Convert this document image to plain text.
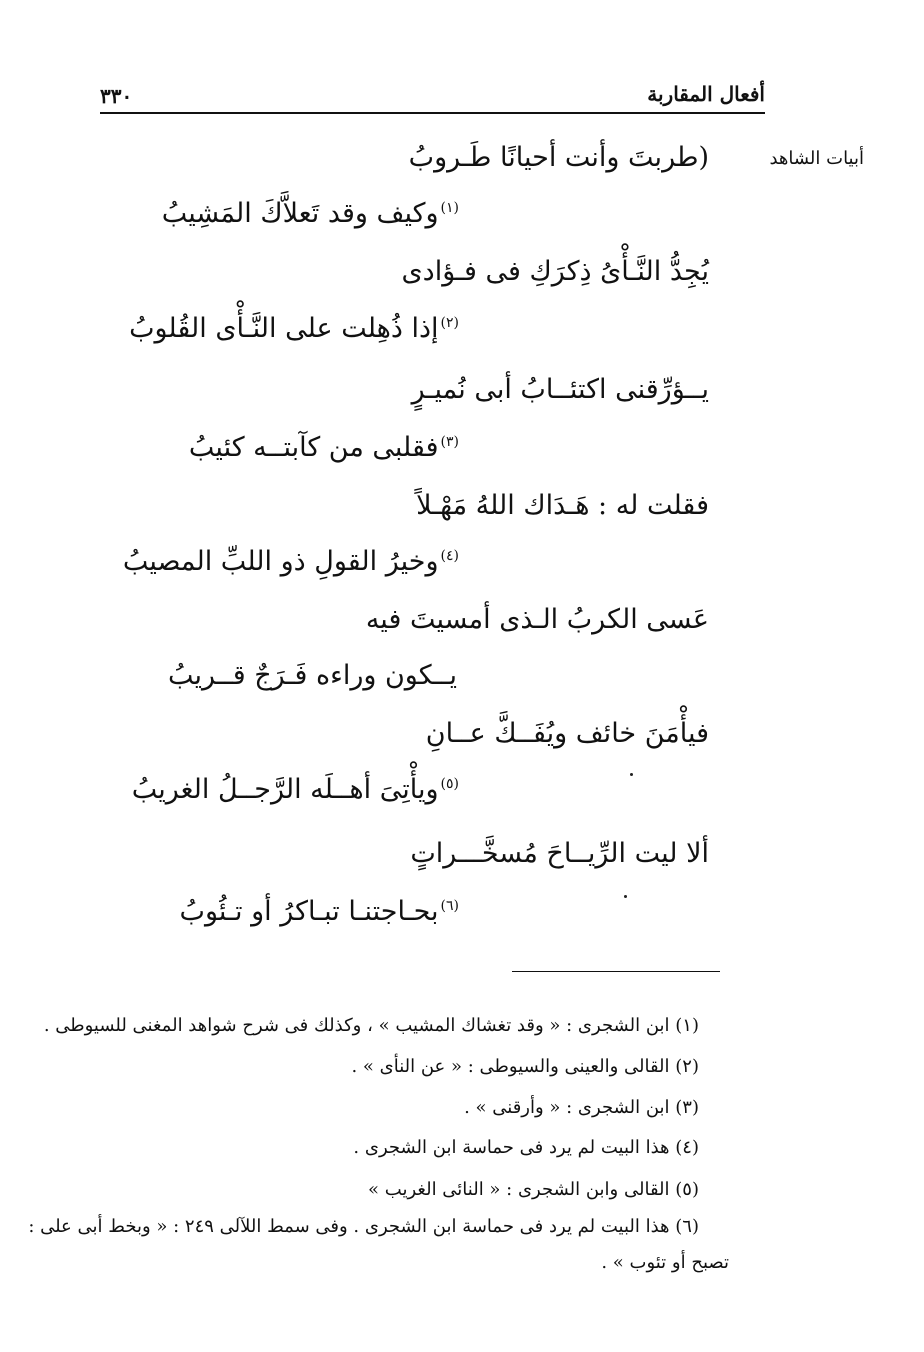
٣٣٠	أفعال المقاربة
أبيات الشاهد
(طربتَ وأنت أحيانًا طَـروبُ
$^{(١)}$وكيف وقد تَعلاَّكَ المَشِيبُ
يُجِدُّ النَّـأْىُ ذِكرَكِ فى فـؤادى
$^{(٢)}$إذا ذُهِلت على النَّـأْى القُلوبُ
يــؤرِّقنى اكتئــابُ أبى نُميـرٍ
$^{(٣)}$فقلبى من كآبتــه كئيبُ
فقلت له : هَـدَاك اللهُ مَهْـلاً
$^{(٤)}$وخيرُ القولِ ذو اللبِّ المصيبُ
عَسى الكربُ الـذى أمسيتَ فيه
يــكون وراءه فَـرَجٌ قــريبُ
فيأْمَنَ خائف ويُفَــكَّ عــانِ
$^{(٥)}$ويأْتِىَ أهــلَه الرَّجــلُ الغريبُ
ألا ليت الرِّيــاحَ مُسخَّـــراتٍ
$^{(٦)}$بحـاجتنـا تبـاكرُ أو تـئُوبُ
(١) ابن الشجرى : « وقد تغشاك المشيب » ، وكذلك فى شرح شواهد المغنى للسيوطى .
(٢) القالى والعينى والسيوطى : « عن النأى » .
(٣) ابن الشجرى : « وأرقنى » .
(٤) هذا البيت لم يرد فى حماسة ابن الشجرى .
(٥) القالى وابن الشجرى : « النائى الغريب »
(٦) هذا البيت لم يرد فى حماسة ابن الشجرى . وفى سمط اللآلى ٢٤٩ : « وبخط أبى على :
تصبح أو تئوب » .
